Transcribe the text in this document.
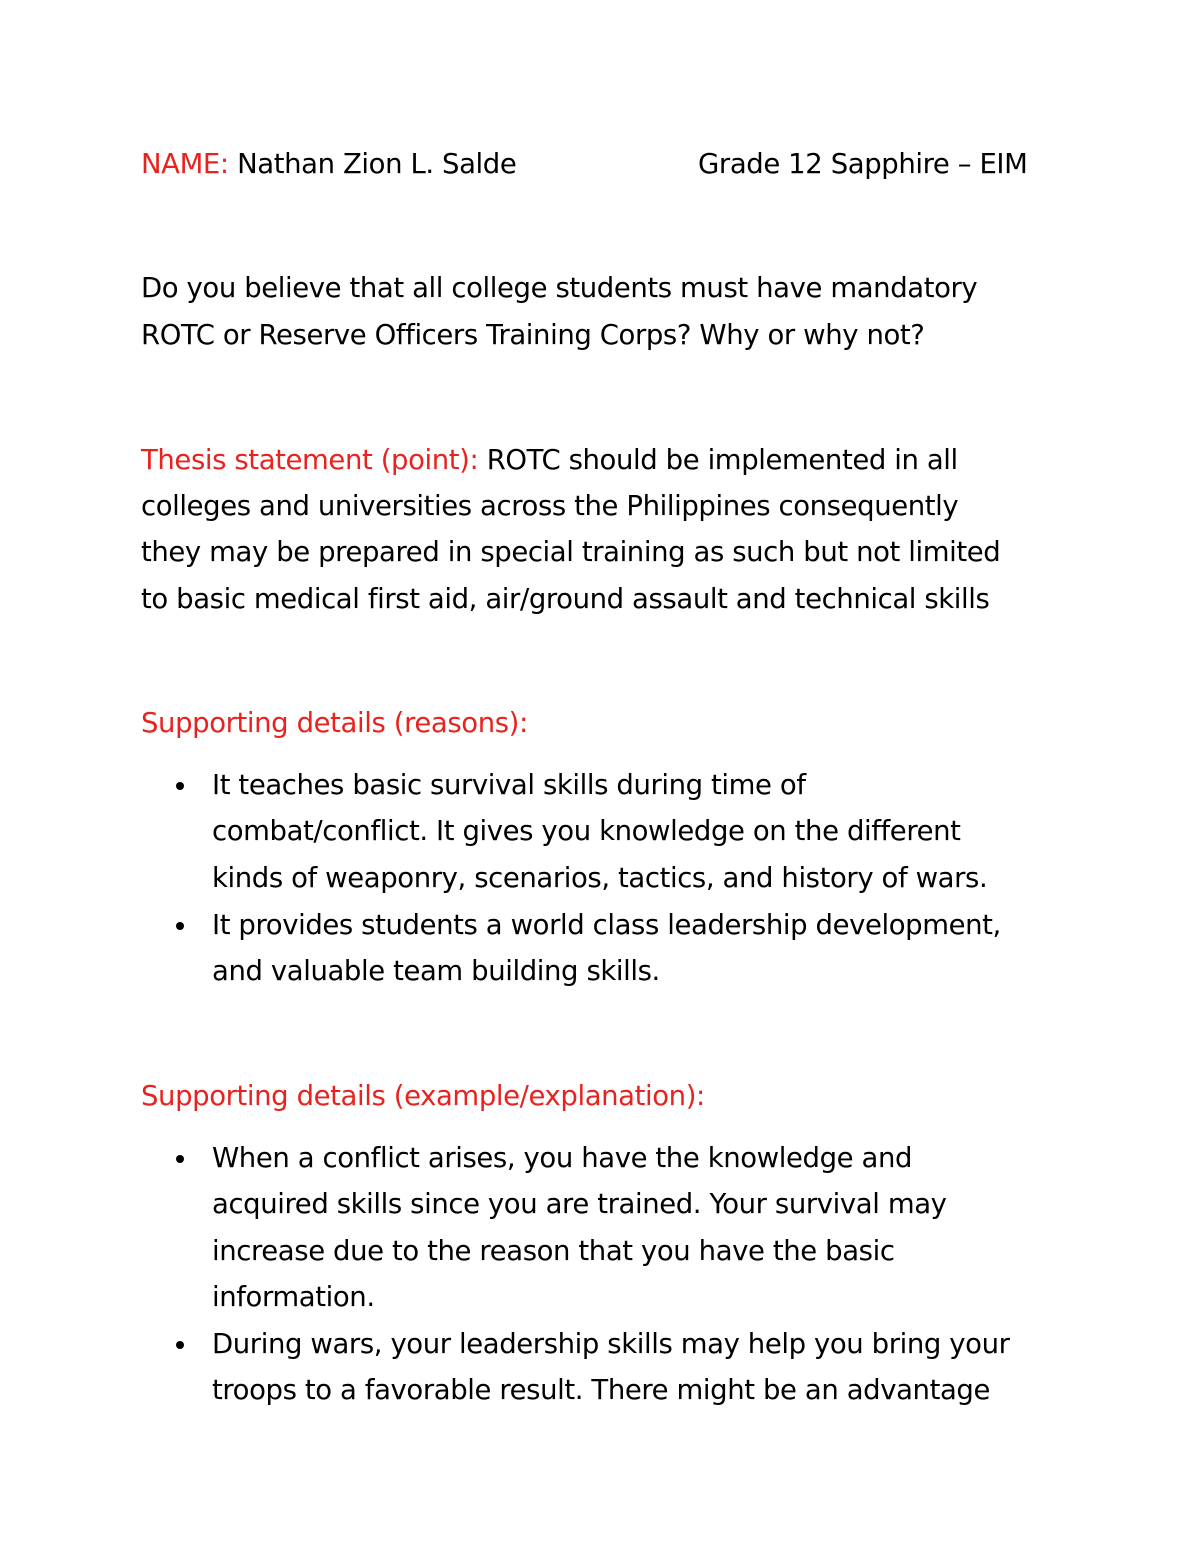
NAME: Nathan Zion L. Salde	Grade 12 Sapphire – EIM
Do you believe that all college students must have mandatory
ROTC or Reserve Officers Training Corps? Why or why not?
Thesis statement (point): ROTC should be implemented in all
colleges and universities across the Philippines consequently
they may be prepared in special training as such but not limited
to basic medical first aid, air/ground assault and technical skills
Supporting details (reasons):
It teaches basic survival skills during time of
combat/conflict. It gives you knowledge on the different
kinds of weaponry, scenarios, tactics, and history of wars.
It provides students a world class leadership development,
and valuable team building skills.
Supporting details (example/explanation):
When a conflict arises, you have the knowledge and
acquired skills since you are trained. Your survival may
increase due to the reason that you have the basic
information.
During wars, your leadership skills may help you bring your
troops to a favorable result. There might be an advantage
